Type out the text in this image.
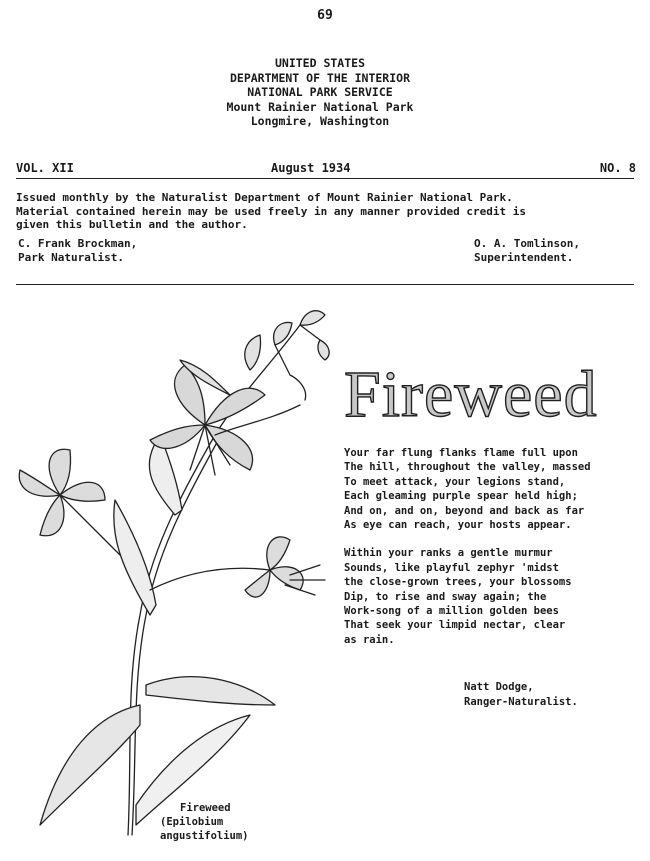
69
UNITED STATES
DEPARTMENT OF THE INTERIOR
NATIONAL PARK SERVICE
Mount Rainier National Park
Longmire, Washington
VOL. XII	August 1934	NO. 8
Issued monthly by the Naturalist Department of Mount Rainier National Park.
Material contained herein may be used freely in any manner provided credit is
given this bulletin and the author.
C. Frank Brockman,
Park Naturalist.
O. A. Tomlinson,
Superintendent.
Fireweed
Your far flung flanks flame full upon
The hill, throughout the valley, massed
To meet attack, your legions stand,
Each gleaming purple spear held high;
And on, and on, beyond and back as far
As eye can reach, your hosts appear.
Within your ranks a gentle murmur
Sounds, like playful zephyr 'midst
the close-grown trees, your blossoms
Dip, to rise and sway again; the
Work-song of a million golden bees
That seek your limpid nectar, clear
as rain.
Natt Dodge,
Ranger-Naturalist.
Fireweed
(Epilobium
angustifolium)
